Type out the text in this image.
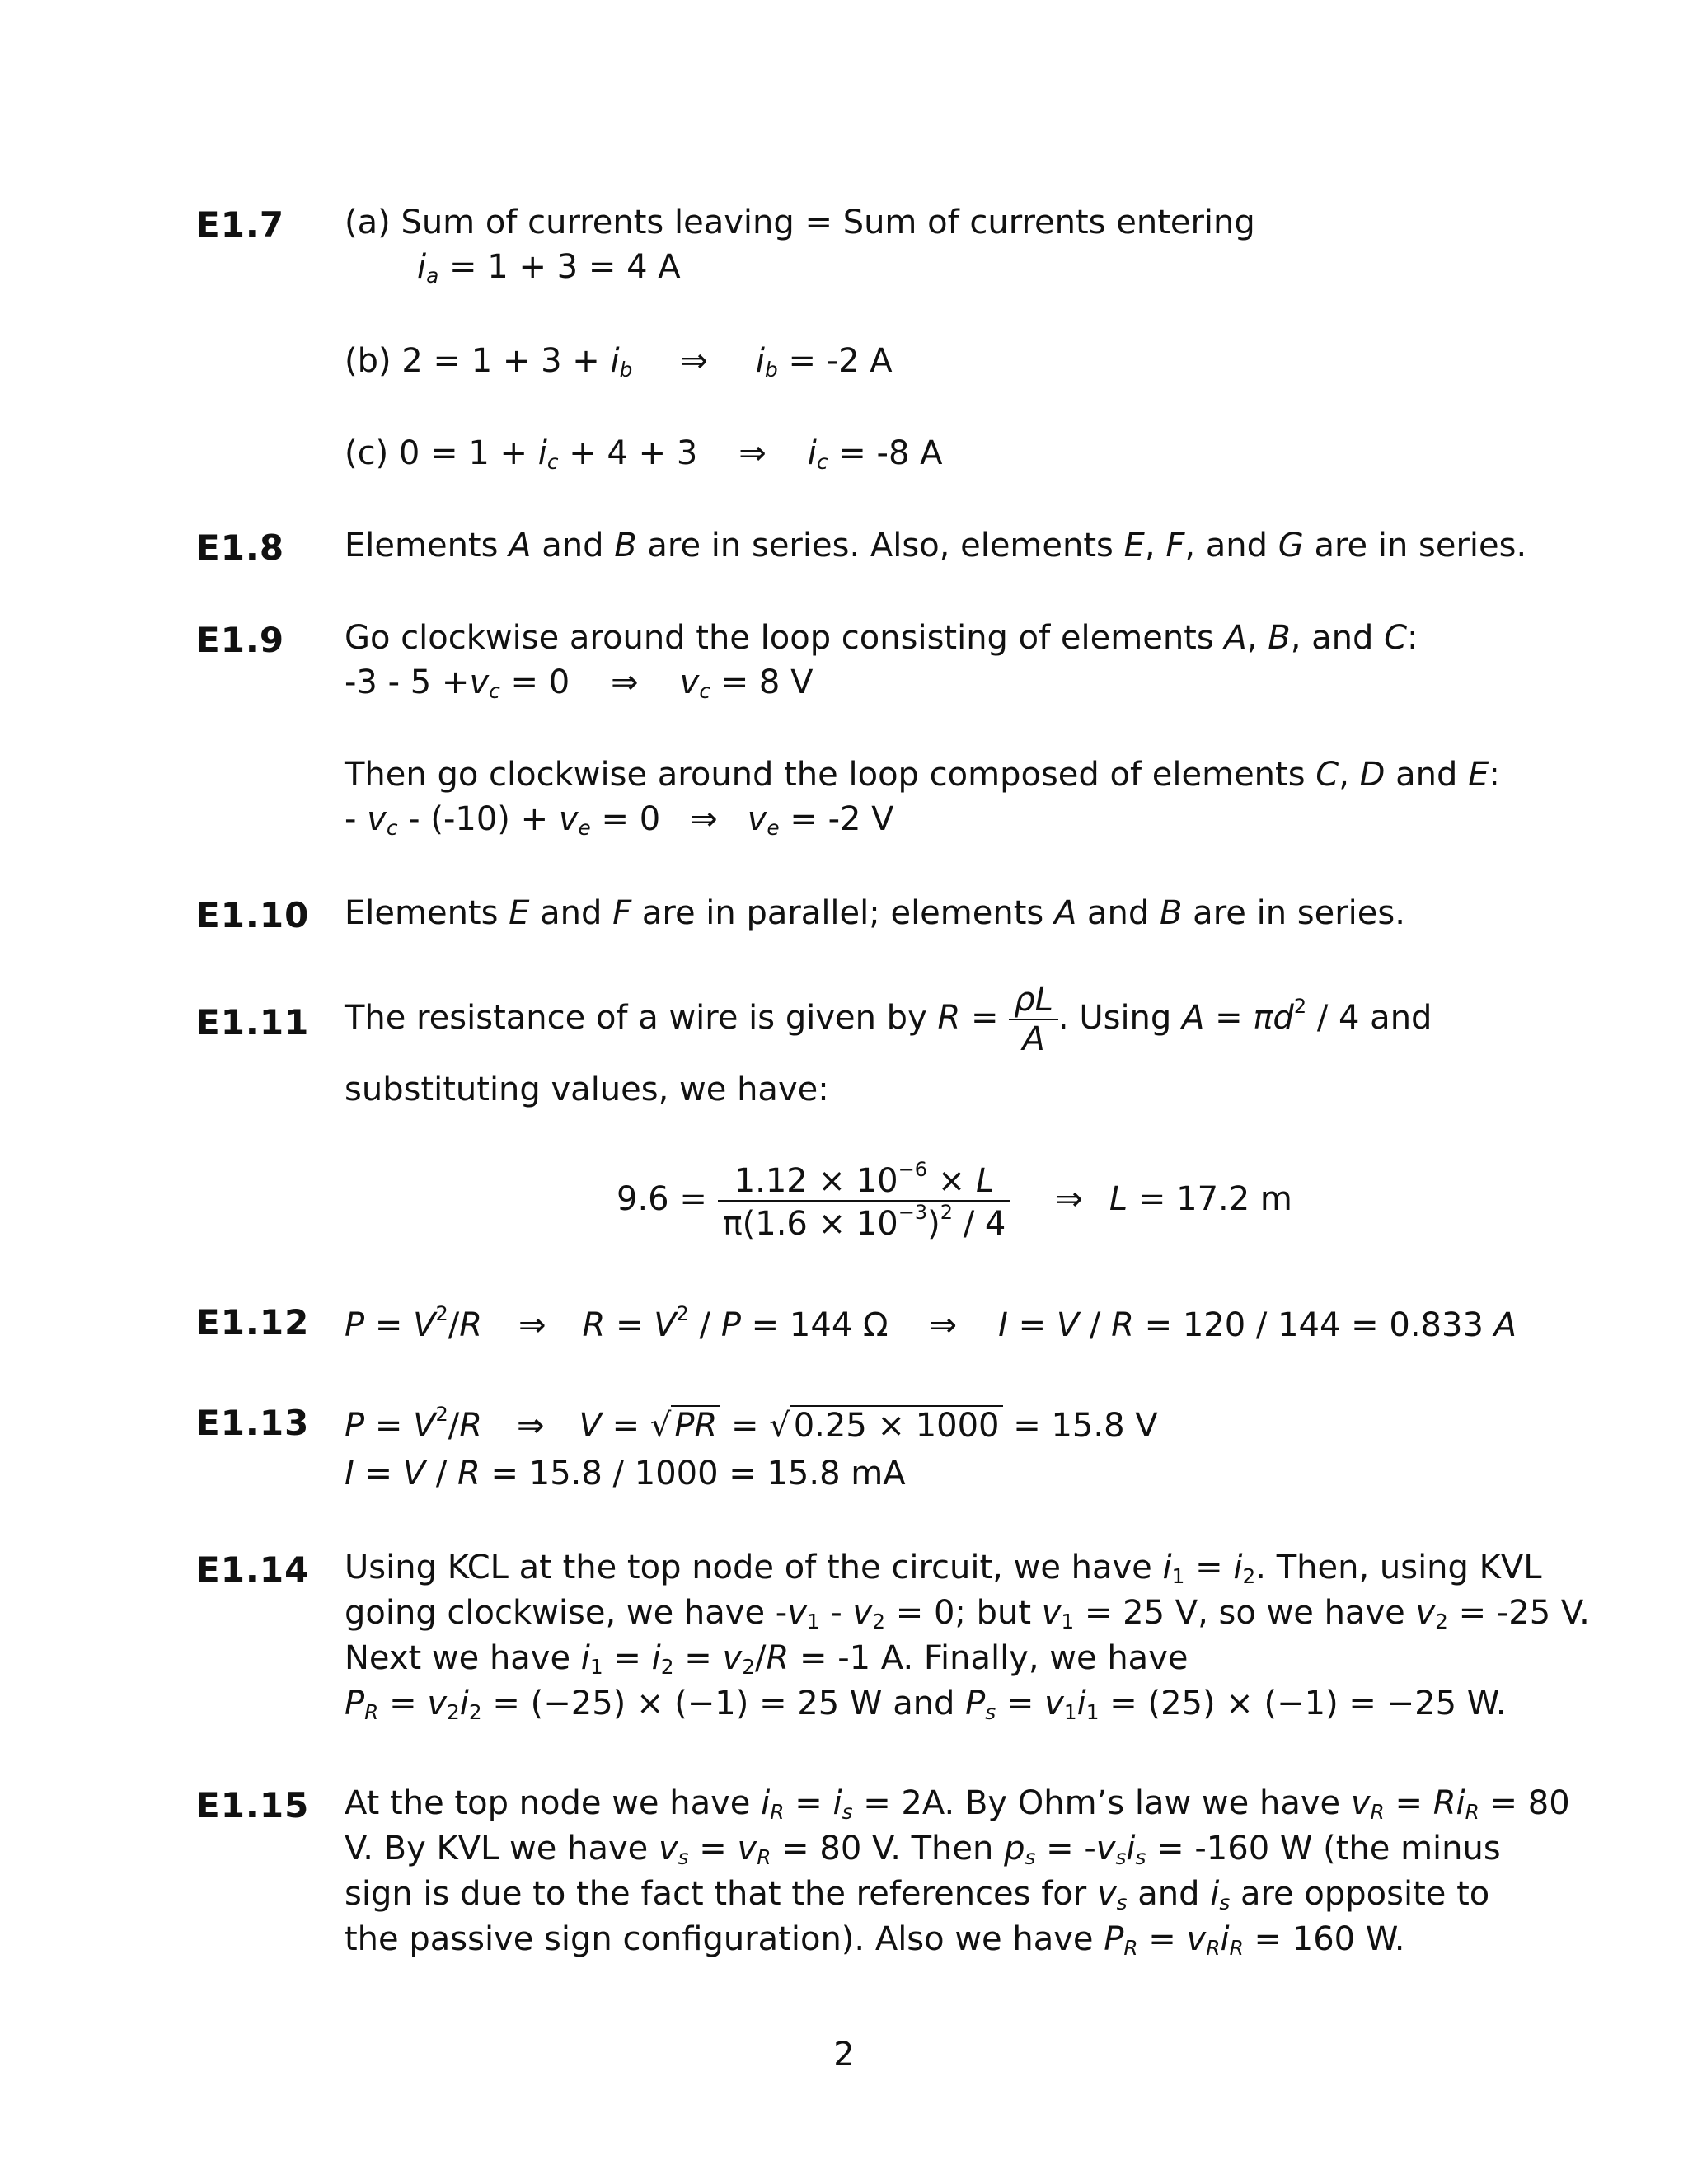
E1.7 (a) Sum of currents leaving = Sum of currents entering
$i_a = 1 + 3 = 4$ A
(b) $2 = 1 + 3 + i_b$ ⇒ $i_b = -2$ A
(c) $0 = 1 + i_c + 4 + 3$ ⇒ $i_c = -8$ A
E1.8 Elements A and B are in series. Also, elements E, F, and G are in series.
E1.9 Go clockwise around the loop consisting of elements A, B, and C:
$-3 - 5 +v_c = 0$ ⇒ $v_c = 8$ V
Then go clockwise around the loop composed of elements C, D and E:
- $v_c - (-10) + v_e = 0$ ⇒ $v_e = -2$ V
E1.10 Elements E and F are in parallel; elements A and B are in series.
E1.11 The resistance of a wire is given by $R = \frac{\rho L}{A}$ . Using $A = \pi d^2 / 4$ and
substituting values, we have:
$9.6 = \frac{1.12 \times 10^{-6} \times L}{\pi(1.6 \times 10^{-3})^2 / 4}$ ⇒ L = 17.2 m
E1.12 $P = V^2/R$ ⇒ $R = V^2 / P = 144$ Ω ⇒ I = V / R = 120 / 144 = 0.833 A
E1.13 $P = V^2/R$ ⇒ V = √ PR = √ 0.25 × 1000 = 15.8 V
I = V / R = 15.8 / 1000 = 15.8 mA
E1.14 Using KCL at the top node of the circuit, we have $i_1 = i_2$. Then, using KVL
going clockwise, we have $-v_1 - v_2 = 0$; but $v_1 = 25$ V, so we have $v_2 = -25$ V.
Next we have $i_1 = i_2 = v_2/R = -1$ A. Finally, we have
$P_R = v_2i_2 = (-25) \times (-1) = 25$ W and $P_s = v_1i_1 = (25) \times (-1) = -25$ W.
E1.15 At the top node we have $i_R = i_s = 2A$. By Ohm’s law we have $v_R = Ri_R = 80$
V. By KVL we have $v_s = v_R = 80$ V. Then $p_s = -v_si_s = -160$ W (the minus
sign is due to the fact that the references for $v_s$ and $i_s$ are opposite to
the passive sign configuration). Also we have $P_R = v_Ri_R = 160$ W.
2
